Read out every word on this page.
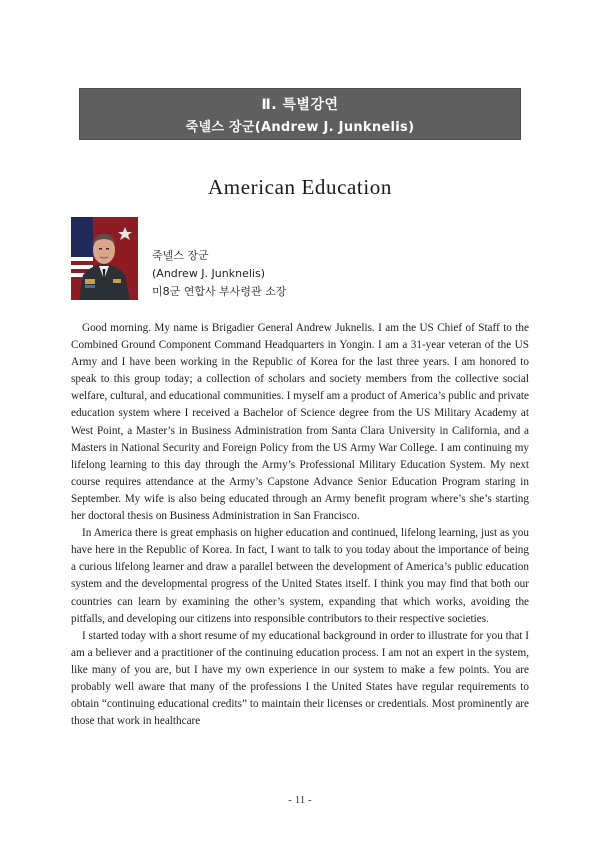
Ⅱ. 특별강연
죽넬스 장군(Andrew J. Junknelis)
American Education
죽넬스 장군
(Andrew J. Junknelis)
미8군 연합사 부사령관 소장

Good morning. My name is Brigadier General Andrew Juknelis. I am the US Chief of Staff to the Combined Ground Component Command Headquarters in Yongin. I am a 31-year veteran of the US Army and I have been working in the Republic of Korea for the last three years. I am honored to speak to this group today; a collection of scholars and society members from the collective social welfare, cultural, and educational communities. I myself am a product of America’s public and private education system where I received a Bachelor of Science degree from the US Military Academy at West Point, a Master’s in Business Administration from Santa Clara University in California, and a Masters in National Security and Foreign Policy from the US Army War College. I am continuing my lifelong learning to this day through the Army’s Professional Military Education System. My next course requires attendance at the Army’s Capstone Advance Senior Education Program staring in September. My wife is also being educated through an Army benefit program where’s she’s starting her doctoral thesis on Business Administration in San Francisco.

In America there is great emphasis on higher education and continued, lifelong learning, just as you have here in the Republic of Korea. In fact, I want to talk to you today about the importance of being a curious lifelong learner and draw a parallel between the development of America’s public education system and the developmental progress of the United States itself. I think you may find that both our countries can learn by examining the other’s system, expanding that which works, avoiding the pitfalls, and developing our citizens into responsible contributors to their respective societies.

I started today with a short resume of my educational background in order to illustrate for you that I am a believer and a practitioner of the continuing education process. I am not an expert in the system, like many of you are, but I have my own experience in our system to make a few points. You are probably well aware that many of the professions I the United States have regular requirements to obtain “continuing educational credits” to maintain their licenses or credentials. Most prominently are those that work in healthcare

- 11 -
